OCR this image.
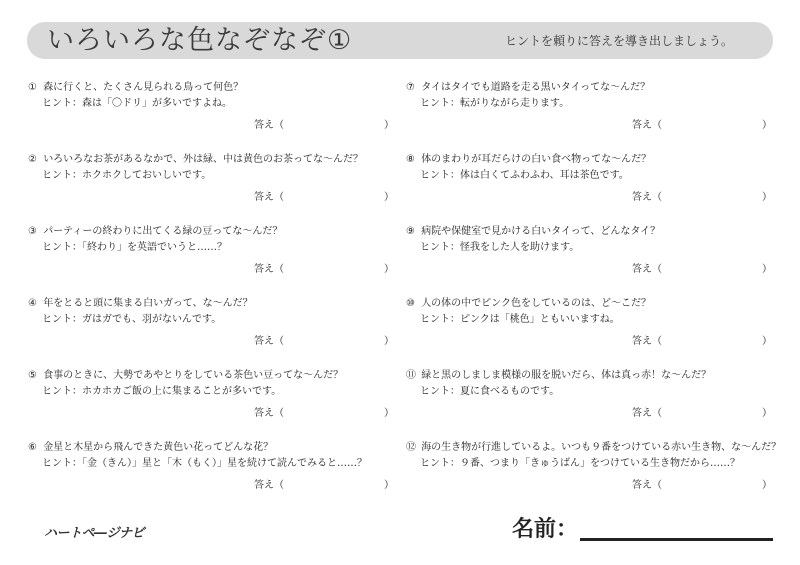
いろいろな色なぞなぞ①	ヒントを頼りに答えを導き出しましょう。
① 森に行くと、たくさん見られる鳥って何色？
ヒント：森は「〇ドリ」が多いですよね。
答え（	）
② いろいろなお茶があるなかで、外は緑、中は黄色のお茶ってな〜んだ？
ヒント：ホクホクしておいしいです。
答え（	）
③ パーティーの終わりに出てくる緑の豆ってな〜んだ？
ヒント：「終わり」を英語でいうと……？
答え（	）
④ 年をとると頭に集まる白いガって、な〜んだ？
ヒント：ガはガでも、羽がないんです。
答え（	）
⑤ 食事のときに、大勢であやとりをしている茶色い豆ってな〜んだ？
ヒント：ホカホカご飯の上に集まることが多いです。
答え（	）
⑥ 金星と木星から飛んできた黄色い花ってどんな花？
ヒント：「金（きん）」星と「木（もく）」星を続けて読んでみると……？
答え（	）
⑦ タイはタイでも道路を走る黒いタイってな〜んだ？
ヒント：転がりながら走ります。
答え（	）
⑧ 体のまわりが耳だらけの白い食べ物ってな〜んだ？
ヒント：体は白くてふわふわ、耳は茶色です。
答え（	）
⑨ 病院や保健室で見かける白いタイって、どんなタイ？
ヒント：怪我をした人を助けます。
答え（	）
⑩ 人の体の中でピンク色をしているのは、ど〜こだ？
ヒント：ピンクは「桃色」ともいいますね。
答え（	）
⑪ 緑と黒のしましま模様の服を脱いだら、体は真っ赤！な〜んだ？
ヒント：夏に食べるものです。
答え（	）
⑫ 海の生き物が行進しているよ。いつも９番をつけている赤い生き物、な〜んだ？
ヒント：９番、つまり「きゅうばん」をつけている生き物だから……？
答え（	）
ハートペ―ジナビ	名前：
